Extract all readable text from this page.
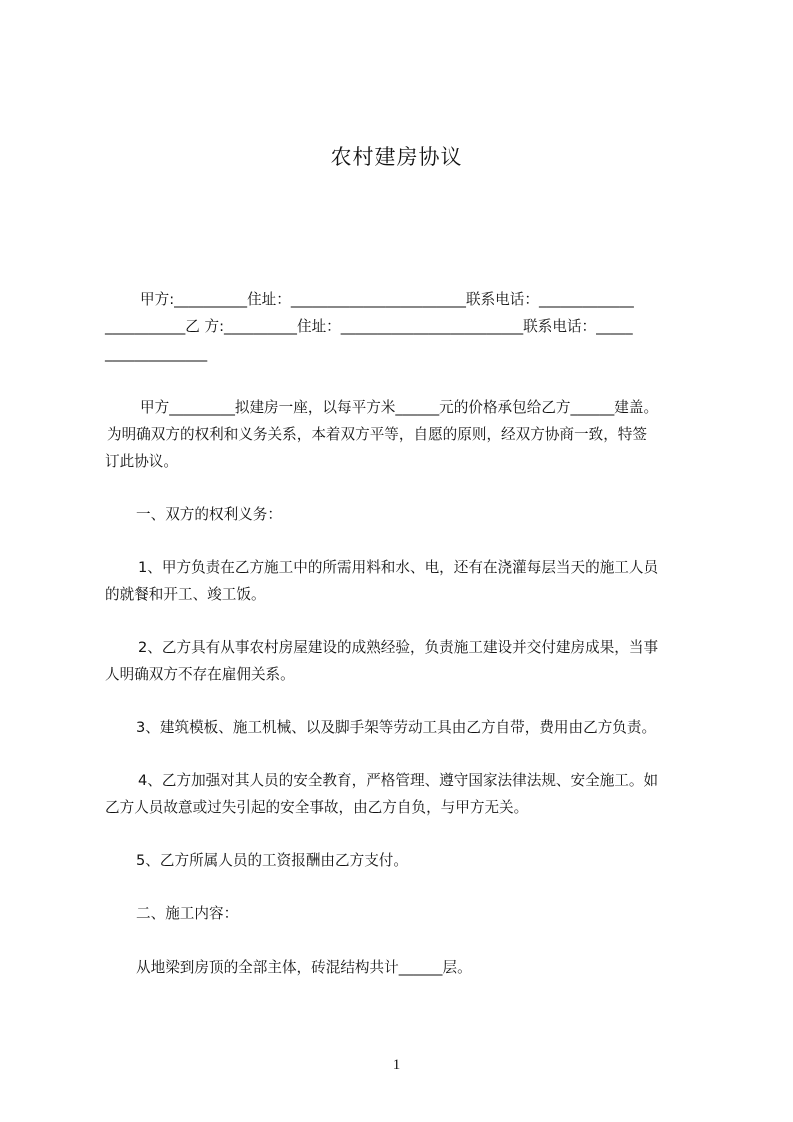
农村建房协议
甲方:__________住址：________________________联系电话：_____________
___________乙 方:__________住址：_________________________联系电话：_____
______________
甲方_________拟建房一座，以每平方米______元的价格承包给乙方______建盖。
为明确双方的权利和义务关系，本着双方平等，自愿的原则，经双方协商一致，特签
订此协议。
一、双方的权利义务：
1、甲方负责在乙方施工中的所需用料和水、电，还有在浇灌每层当天的施工人员
的就餐和开工、竣工饭。
2、乙方具有从事农村房屋建设的成熟经验，负责施工建设并交付建房成果，当事
人明确双方不存在雇佣关系。
3、建筑模板、施工机械、以及脚手架等劳动工具由乙方自带，费用由乙方负责。
4、乙方加强对其人员的安全教育，严格管理、遵守国家法律法规、安全施工。如
乙方人员故意或过失引起的安全事故，由乙方自负，与甲方无关。
5、乙方所属人员的工资报酬由乙方支付。
二、施工内容：
从地梁到房顶的全部主体，砖混结构共计______层。
1
